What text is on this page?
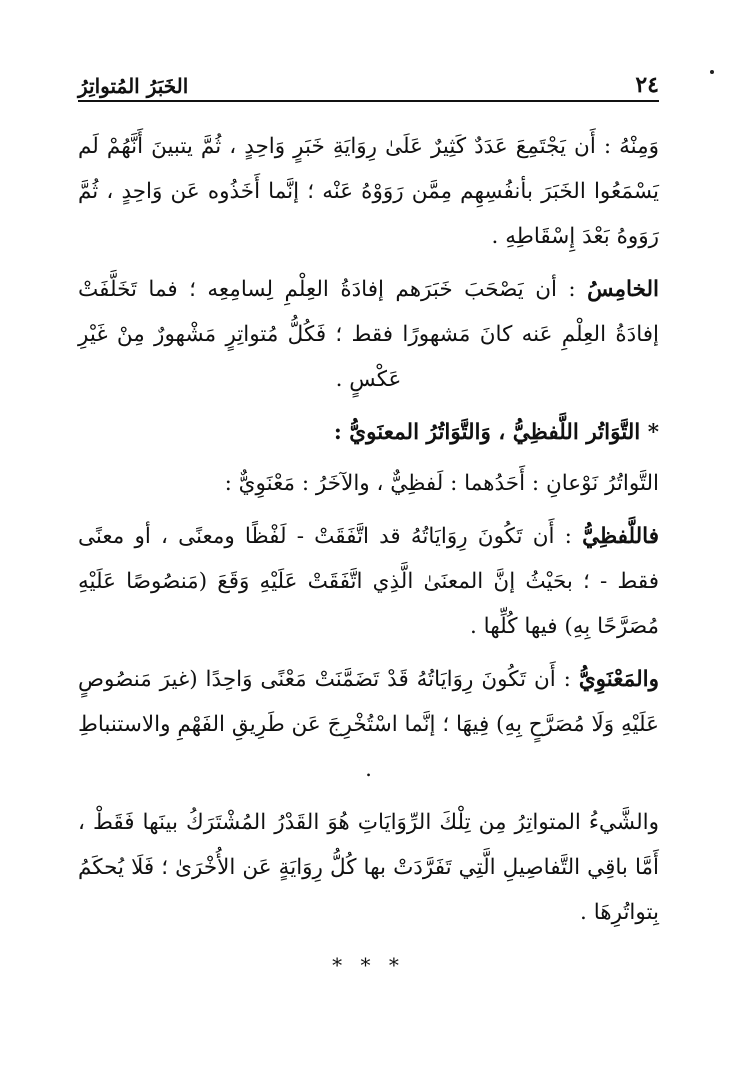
٢٤
الخَبَرُ المُتواتِرُ

وَمِنْهُ : أَن يَجْتَمِعَ عَدَدٌ كَثِيرٌ عَلَىٰ رِوَايَةِ خَبَرٍ وَاحِدٍ ، ثُمَّ يتبينَ أَنَّهُمْ لَم يَسْمَعُوا الخَبَرَ بأنفُسِهِم مِمَّن رَوَوْهُ عَنْه ؛ إنَّما أَخَذُوه عَن وَاحِدٍ ، ثُمَّ رَوَوهُ بَعْدَ إِسْقَاطِهِ .

الخامِسُ : أن يَصْحَبَ خَبَرَهم إفادَةُ العِلْمِ لِسامِعِه ؛ فما تَخَلَّفَتْ إفادَةُ العِلْمِ عَنه كانَ مَشهورًا فقط ؛ فَكُلُّ مُتواتِرٍ مَشْهورٌ مِنْ غَيْرِ عَكْسٍ .

* التَّوَاتُر اللَّفظِيُّ ، وَالتَّوَاتُرُ المعنَويُّ :

التَّواتُرُ نَوْعانِ : أَحَدُهما : لَفظِيٌّ ، والآخَرُ : مَعْنَوِيٌّ :

فاللَّفظِيُّ : أَن تَكُونَ رِوَايَاتُهُ قد اتَّفَقَتْ - لَفْظًا ومعنًى ، أو معنًى فقط - ؛ بحَيْثُ إنَّ المعنَىٰ الَّذِي اتَّفَقَتْ عَلَيْهِ وَقَعَ (مَنصُوصًا عَلَيْهِ مُصَرَّحًا بِهِ) فيها كُلِّها .

والمَعْنَوِيُّ : أَن تَكُونَ رِوَايَاتُهُ قَدْ تَضَمَّنَتْ مَعْنًى وَاحِدًا (غيرَ مَنصُوصٍ عَلَيْهِ وَلَا مُصَرَّحٍ بِهِ) فِيهَا ؛ إنَّما اسْتُخْرِجَ عَن طَرِيقِ الفَهْمِ والاستنباطِ .

والشَّيءُ المتواتِرُ مِن تِلْكَ الرِّوَايَاتِ هُوَ القَدْرُ المُشْتَرَكُ بينَها فَقَطْ ، أَمَّا باقِي التَّفاصِيلِ الَّتِي تَفَرَّدَتْ بها كُلُّ رِوَايَةٍ عَن الأُخْرَىٰ ؛ فَلَا يُحكَمُ بِتواتُرِهَا .

* * *
